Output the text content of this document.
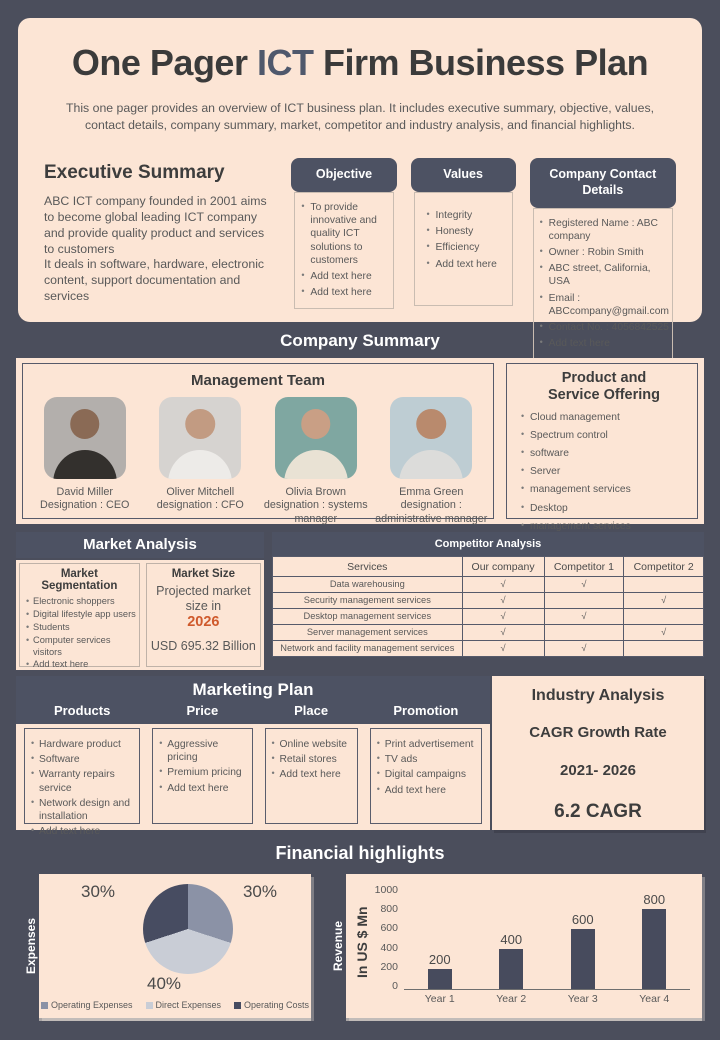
One Pager ICT Firm Business Plan

This one pager provides an overview of ICT business plan. It includes executive summary, objective, values, contact details, company summary, market, competitor and industry analysis, and financial highlights.

Executive Summary

ABC ICT company founded in 2001 aims to become global leading ICT company and provide quality product and services to customers

It deals in software, hardware, electronic content, support documentation and services

Objective
• To provide innovative and quality ICT solutions to customers
• Add text here
• Add text here
Values
• Integrity
• Honesty
• Efficiency
• Add text here
Company Contact Details
• Registered Name : ABC company
• Owner : Robin Smith
• ABC street, California, USA
• Email : ABCcompany@gmail.com
• Contact No. : 4056842525
• Add text here
Company Summary
Management Team
David Miller
Designation : CEO
Oliver Mitchell
designation : CFO
Olivia Brown
designation : systems manager
Emma Green
designation : administrative manager
Product and
Service Offering
• Cloud management
• Spectrum control
• software
• Server
• management services
• Desktop
• management services
•
Market Analysis
Market Segmentation
• Electronic shoppers
• Digital lifestyle app users
• Students
• Computer services visitors
• Add text here
Market Size
Projected market size in
2026
USD 695.32 Billion
Competitor Analysis
Services	Our company	Competitor 1	Competitor 2
Data warehousing	√	√	
Security management services	√		√
Desktop management services	√	√	
Server management services	√		√
Network and facility management services	√	√	
Marketing Plan
Products	Price	Place	Promotion
• Hardware product
• Software
• Warranty repairs service
• Network design and installation
• Add text here
• Aggressive pricing
• Premium pricing
• Add text here
• Online website
• Retail stores
• Add text here
• Print advertisement
• TV ads
• Digital campaigns
• Add text here
Industry Analysis
CAGR Growth Rate
2021- 2026
6.2 CAGR
Financial highlights
Expenses
30%	30%
40%
Operating Expenses	Direct Expenses	Operating Costs
Revenue In US $ Mn
0
200
400
600
800
1000
200
400
600
800
Year 1	Year 2	Year 3	Year 4
